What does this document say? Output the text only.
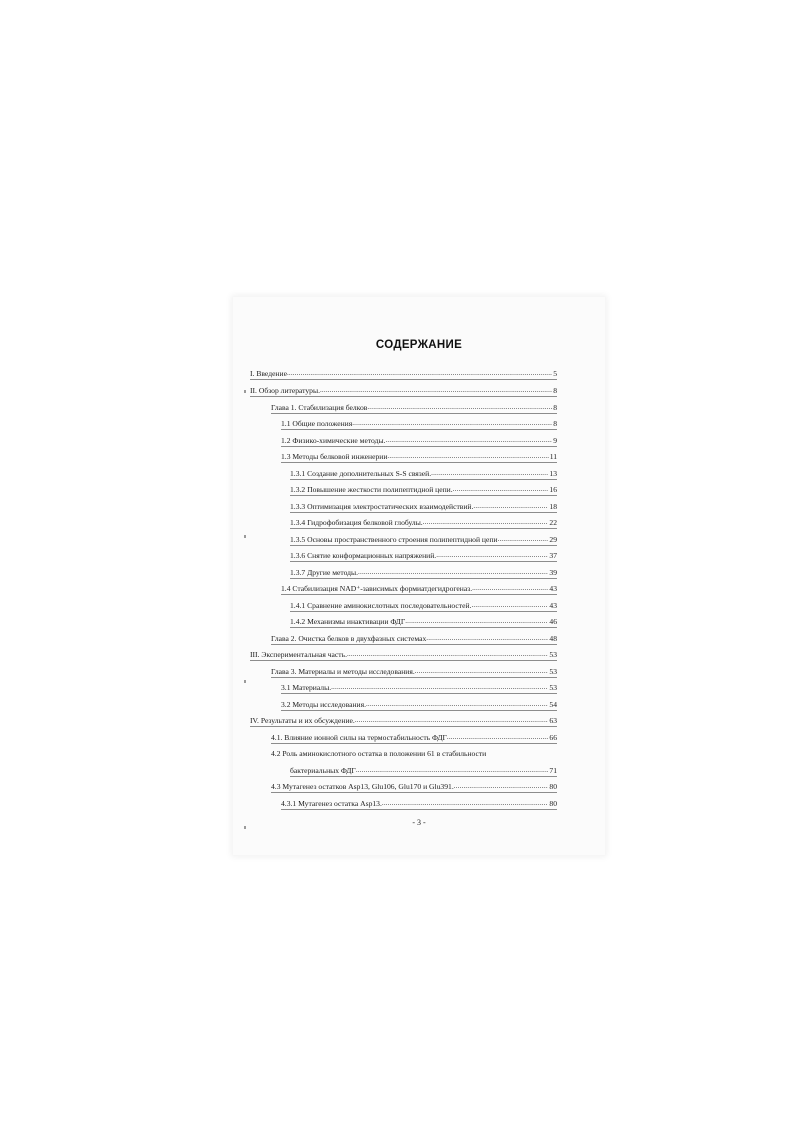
СОДЕРЖАНИЕ
I. Введение .....	5
II. Обзор литературы. .....	8
Глава 1. Стабилизация белков .....	8
1.1 Общие положения .....	8
1.2 Физико-химические методы. .....	9
1.3 Методы белковой инженерии .....	11
1.3.1 Создание дополнительных S-S связей. .....	13
1.3.2 Повышение жесткости полипептидной цепи. .....	16
1.3.3 Оптимизация электростатических взаимодействий. .....	18
1.3.4 Гидрофобизация белковой глобулы. .....	22
1.3.5 Основы пространственного строения полипептидной цепи .....	29
1.3.6 Снятие конформационных напряжений. .....	37
1.3.7 Другие методы. .....	39
1.4 Стабилизация NAD⁺-зависимых формиатдегидрогеназ. .....	43
1.4.1 Сравнение аминокислотных последовательностей. .....	43
1.4.2 Механизмы инактивации ФДГ .....	46
Глава 2. Очистка белков в двухфазных системах .....	48
III. Экспериментальная часть. .....	53
Глава 3. Материалы и методы исследования. .....	53
3.1 Материалы. .....	53
3.2 Методы исследования. .....	54
IV. Результаты и их обсуждение. .....	63
4.1. Влияние ионной силы на термостабильность ФДГ .....	66
4.2 Роль аминокислотного остатка в положении 61 в стабильности
бактериальных ФДГ .....	71
4.3 Мутагенез остатков Asp13, Glu106, Glu170 и Glu391. .....	80
4.3.1 Мутагенез остатка Asp13. .....	80
- 3 -
